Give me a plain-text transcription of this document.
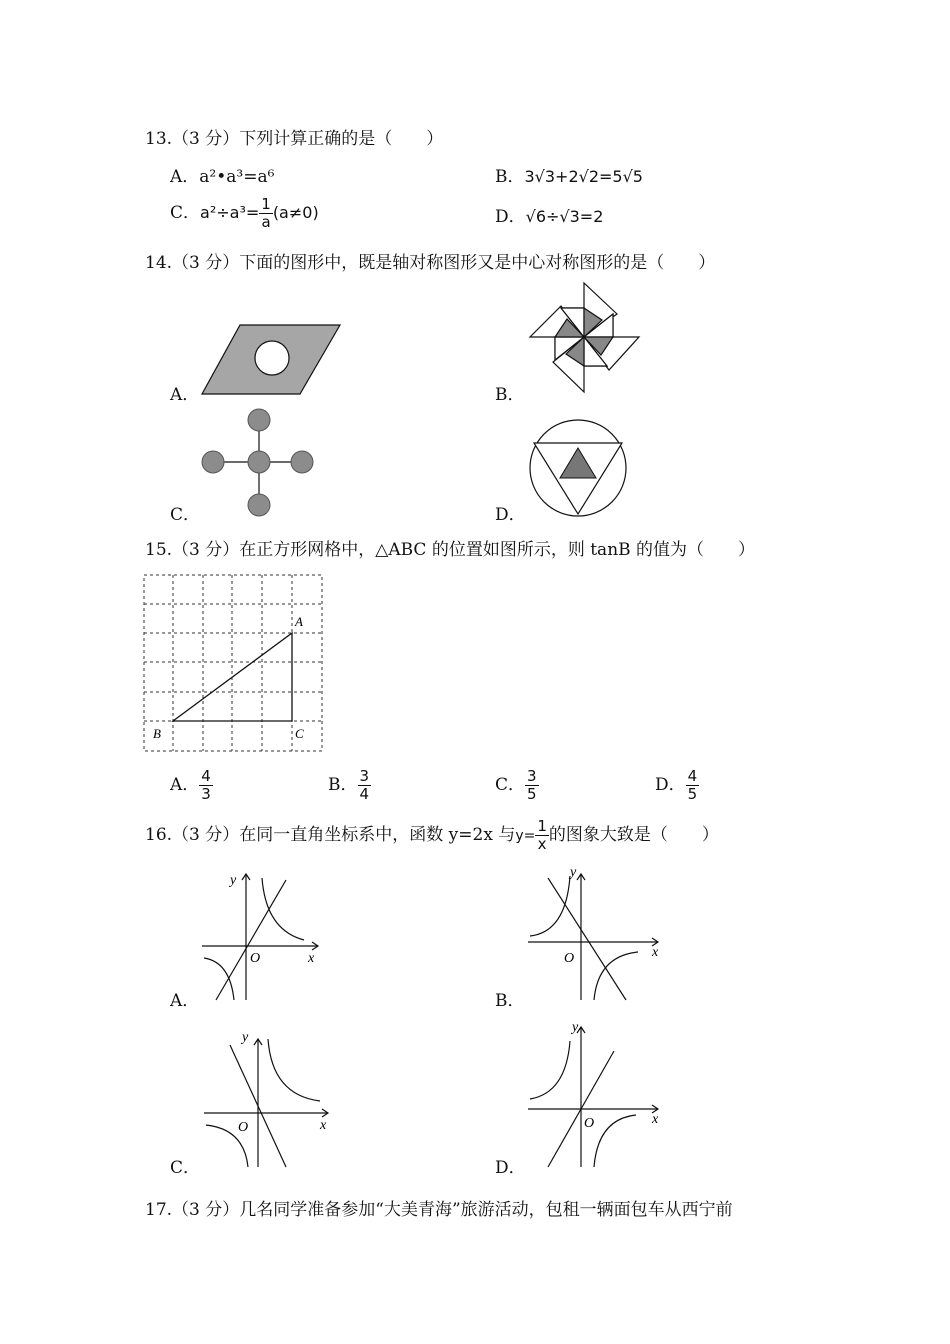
13.（3 分）下列计算正确的是（　　）
A．a²•a³=a⁶	B．3√3+2√2=5√5
C．$a^2\div a^3= \frac{1}{a} (a\ne 0)$	D．√6÷√3=2
14.（3 分）下面的图形中，既是轴对称图形又是中心对称图形的是（　　）
A．	B．
C．	D．
15.（3 分）在正方形网格中，△ABC 的位置如图所示，则 tanB 的值为（　　）
A
B	C
A． $\frac{4}{3}$	B． $\frac{3}{4}$	C． $\frac{3}{5}$	D． $\frac{4}{5}$
16.（3 分）在同一直角坐标系中，函数 y=2x 与$y= \frac{1}{x}$ 的图象大致是（　　）
A．
y
x
O
B．
y
x
O
C．
y
x
O
D．
y
x
O
17.（3 分）几名同学准备参加“大美青海”旅游活动，包租一辆面包车从西宁前
